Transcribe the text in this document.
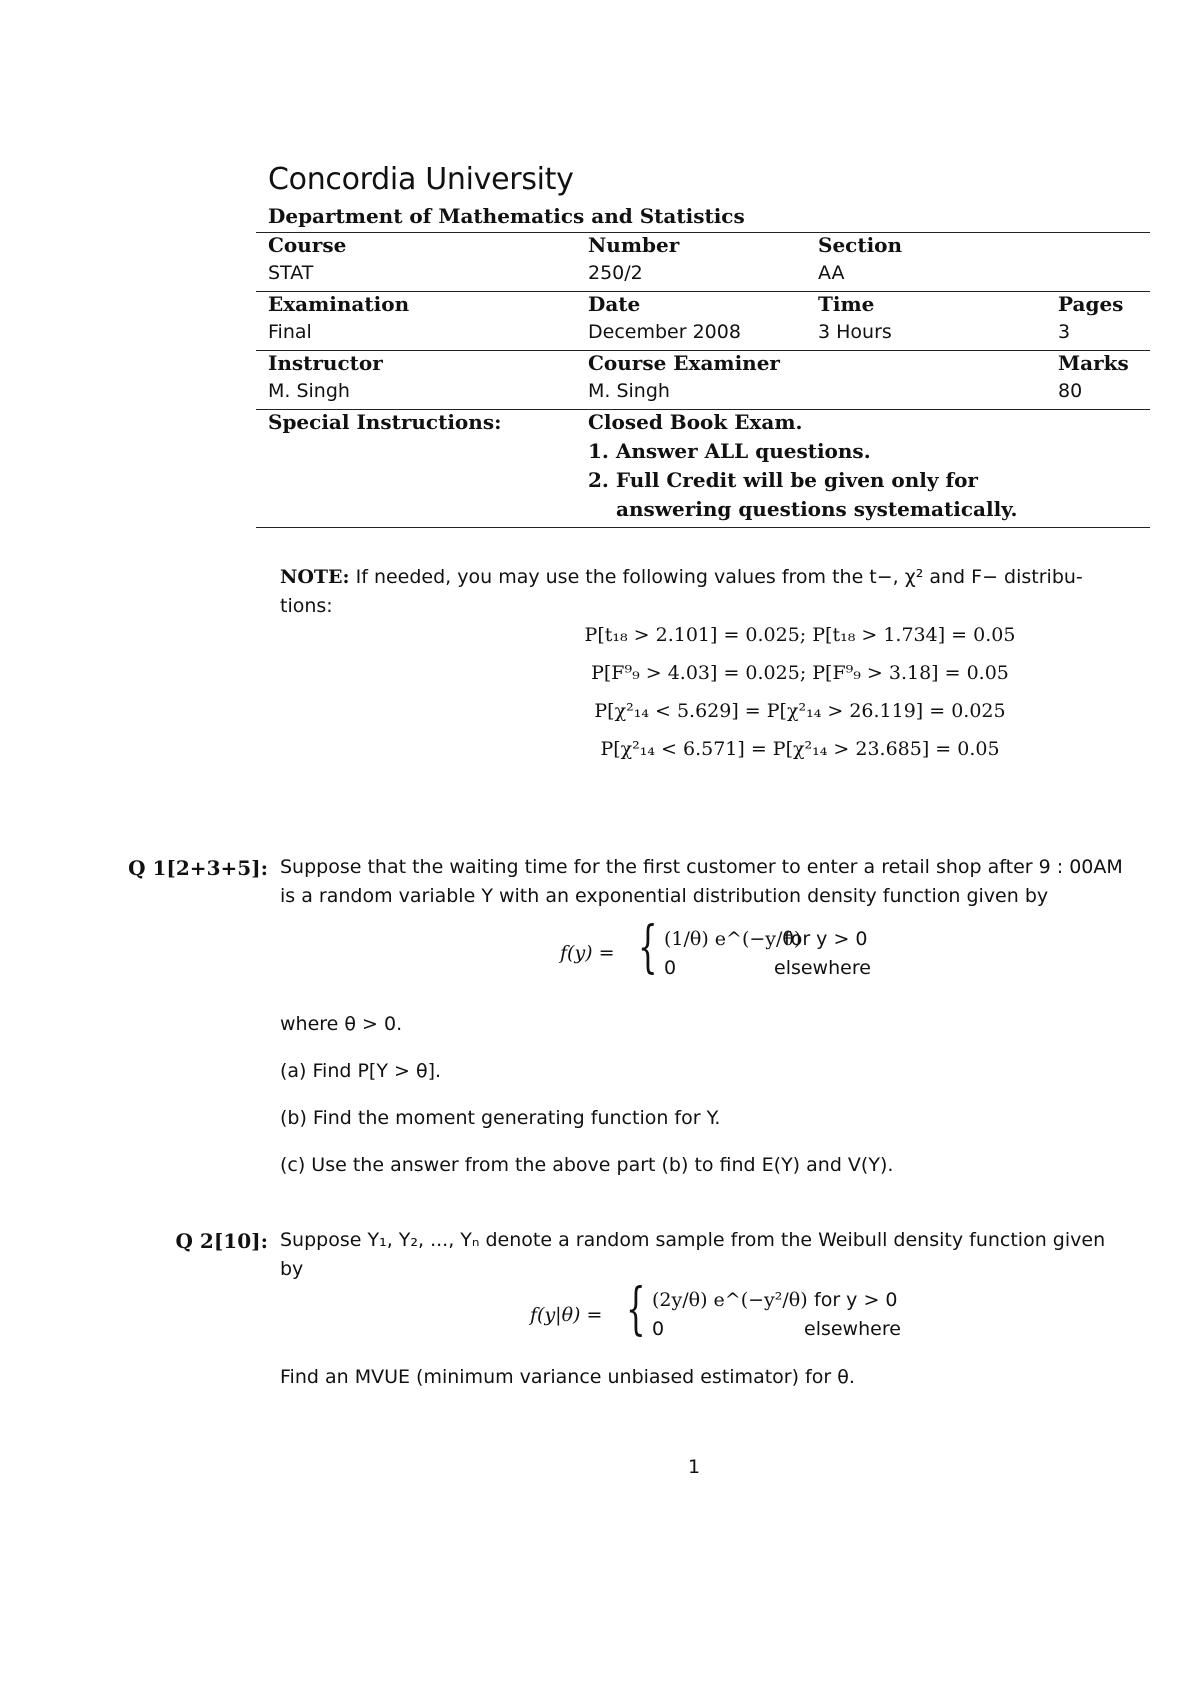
Concordia University
Department of Mathematics and Statistics
Course	Number	Section
STAT	250/2	AA
Examination	Date	Time	Pages
Final	December 2008	3 Hours	3
Instructor	Course Examiner	Marks
M. Singh	M. Singh	80
Special Instructions:	Closed Book Exam.
1. Answer ALL questions.
2. Full Credit will be given only for
answering questions systematically.
NOTE: If needed, you may use the following values from the t−, χ² and F− distribu-
tions:
P[t₁₈ > 2.101] = 0.025; P[t₁₈ > 1.734] = 0.05
P[F⁹₉ > 4.03] = 0.025; P[F⁹₉ > 3.18] = 0.05
P[χ²₁₄ < 5.629] = P[χ²₁₄ > 26.119] = 0.025
P[χ²₁₄ < 6.571] = P[χ²₁₄ > 23.685] = 0.05
Q 1[2+3+5]: Suppose that the waiting time for the first customer to enter a retail shop after 9 : 00AM
is a random variable Y with an exponential distribution density function given by
f(y) = { (1/θ) e^(−y/θ)
for y > 0
0	elsewhere
where θ > 0.
(a) Find P[Y > θ].
(b) Find the moment generating function for Y.
(c) Use the answer from the above part (b) to find E(Y) and V(Y).
Q 2[10]: Suppose Y₁, Y₂, ..., Yₙ denote a random sample from the Weibull density function given
by
f(y|θ) = { (2y/θ) e^(−y²/θ) for y > 0
0	elsewhere
Find an MVUE (minimum variance unbiased estimator) for θ.
1
